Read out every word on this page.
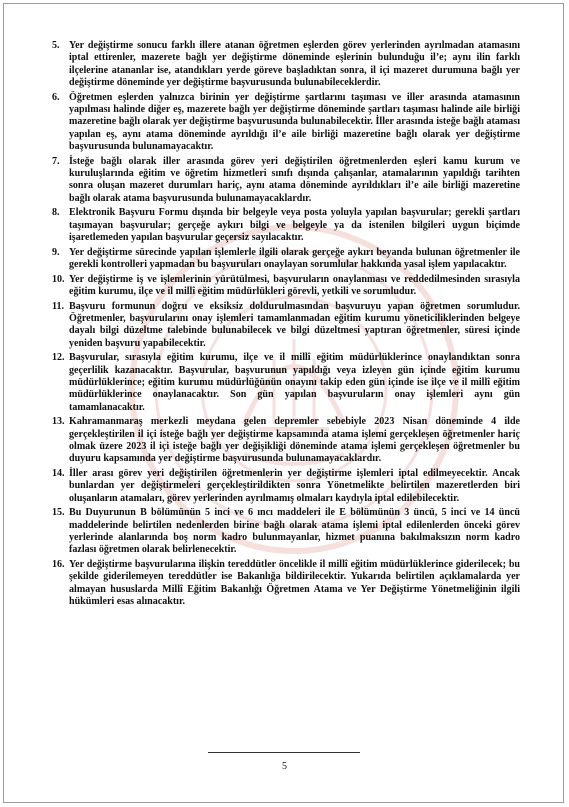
5. Yer değiştirme sonucu farklı illere atanan öğretmen eşlerden görev yerlerinden ayrılmadan atamasını iptal ettirenler, mazerete bağlı yer değiştirme döneminde eşlerinin bulunduğu il’e; aynı ilin farklı ilçelerine atananlar ise, atandıkları yerde göreve başladıktan sonra, il içi mazeret durumuna bağlı yer değiştirme döneminde yer değiştirme başvurusunda bulunabileceklerdir.
6. Öğretmen eşlerden yalnızca birinin yer değiştirme şartlarını taşıması ve iller arasında atamasının yapılması halinde diğer eş, mazerete bağlı yer değiştirme döneminde şartları taşıması halinde aile birliği mazeretine bağlı olarak yer değiştirme başvurusunda bulunabilecektir. İller arasında isteğe bağlı ataması yapılan eş, aynı atama döneminde ayrıldığı il’e aile birliği mazeretine bağlı olarak yer değiştirme başvurusunda bulunamayacaktır.
7. İsteğe bağlı olarak iller arasında görev yeri değiştirilen öğretmenlerden eşleri kamu kurum ve kuruluşlarında eğitim ve öğretim hizmetleri sınıfı dışında çalışanlar, atamalarının yapıldığı tarihten sonra oluşan mazeret durumları hariç, aynı atama döneminde ayrıldıkları il’e aile birliği mazeretine bağlı olarak atama başvurusunda bulunamayacaklardır.
8. Elektronik Başvuru Formu dışında bir belgeyle veya posta yoluyla yapılan başvurular; gerekli şartları taşımayan başvurular; gerçeğe aykırı bilgi ve belgeyle ya da istenilen bilgileri uygun biçimde işaretlemeden yapılan başvurular geçersiz sayılacaktır.
9. Yer değiştirme sürecinde yapılan işlemlerle ilgili olarak gerçeğe aykırı beyanda bulunan öğretmenler ile gerekli kontrolleri yapmadan bu başvuruları onaylayan sorumlular hakkında yasal işlem yapılacaktır.
10. Yer değiştirme iş ve işlemlerinin yürütülmesi, başvuruların onaylanması ve reddedilmesinden sırasıyla eğitim kurumu, ilçe ve il millî eğitim müdürlükleri görevli, yetkili ve sorumludur.
11. Başvuru formunun doğru ve eksiksiz doldurulmasından başvuruyu yapan öğretmen sorumludur. Öğretmenler, başvurularını onay işlemleri tamamlanmadan eğitim kurumu yöneticiliklerinden belgeye dayalı bilgi düzeltme talebinde bulunabilecek ve bilgi düzeltmesi yaptıran öğretmenler, süresi içinde yeniden başvuru yapabilecektir.
12. Başvurular, sırasıyla eğitim kurumu, ilçe ve il millî eğitim müdürlüklerince onaylandıktan sonra geçerlilik kazanacaktır. Başvurular, başvurunun yapıldığı veya izleyen gün içinde eğitim kurumu müdürlüklerince; eğitim kurumu müdürlüğünün onayını takip eden gün içinde ise ilçe ve il millî eğitim müdürlüklerince onaylanacaktır. Son gün yapılan başvuruların onay işlemleri aynı gün tamamlanacaktır.
13. Kahramanmaraş merkezli meydana gelen depremler sebebiyle 2023 Nisan döneminde 4 ilde gerçekleştirilen il içi isteğe bağlı yer değiştirme kapsamında atama işlemi gerçekleşen öğretmenler hariç olmak üzere 2023 il içi isteğe bağlı yer değişikliği döneminde atama işlemi gerçekleşen öğretmenler bu duyuru kapsamında yer değiştirme başvurusunda bulunamayacaklardır.
14. İller arası görev yeri değiştirilen öğretmenlerin yer değiştirme işlemleri iptal edilmeyecektir. Ancak bunlardan yer değiştirmeleri gerçekleştirildikten sonra Yönetmelikte belirtilen mazeretlerden biri oluşanların atamaları, görev yerlerinden ayrılmamış olmaları kaydıyla iptal edilebilecektir.
15. Bu Duyurunun B bölümünün 5 inci ve 6 ıncı maddeleri ile E bölümünün 3 üncü, 5 inci ve 14 üncü maddelerinde belirtilen nedenlerden birine bağlı olarak atama işlemi iptal edilenlerden önceki görev yerlerinde alanlarında boş norm kadro bulunmayanlar, hizmet puanına bakılmaksızın norm kadro fazlası öğretmen olarak belirlenecektir.
16. Yer değiştirme başvurularına ilişkin tereddütler öncelikle il millî eğitim müdürlüklerince giderilecek; bu şekilde giderilemeyen tereddütler ise Bakanlığa bildirilecektir. Yukarıda belirtilen açıklamalarda yer almayan hususlarda Millî Eğitim Bakanlığı Öğretmen Atama ve Yer Değiştirme Yönetmeliğinin ilgili hükümleri esas alınacaktır.
5
